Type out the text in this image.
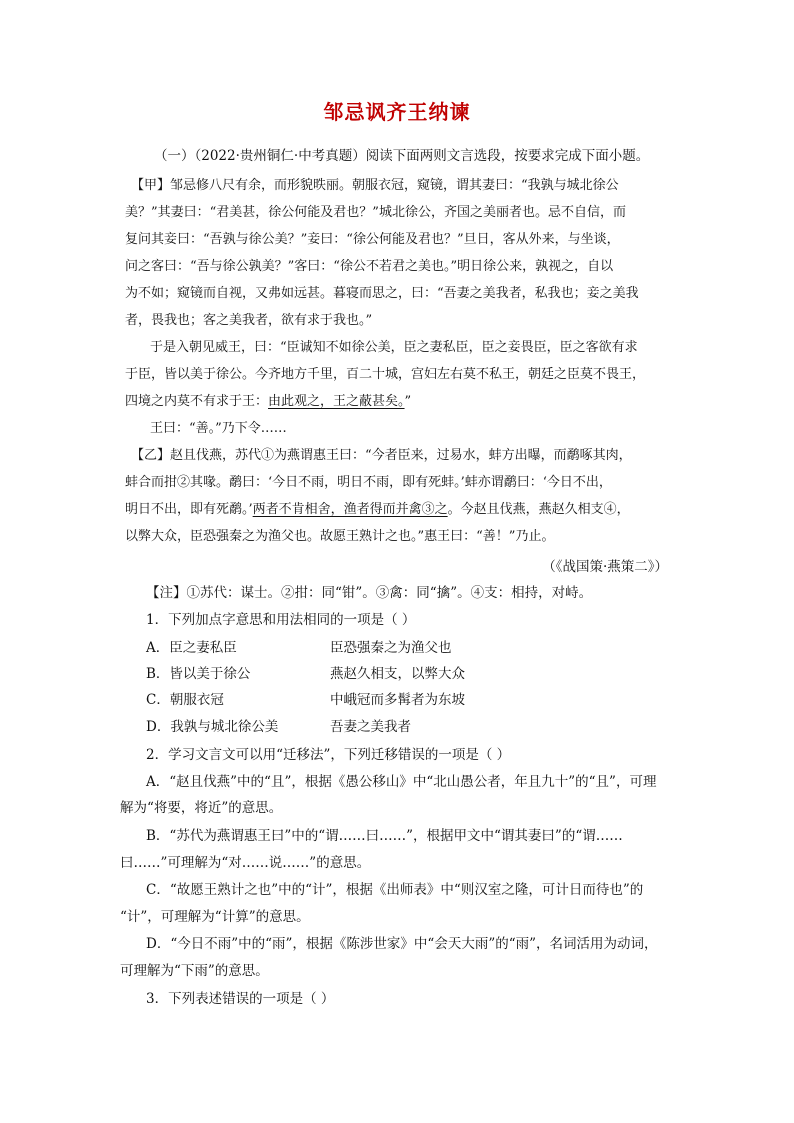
邹忌讽齐王纳谏
（一）（2022·贵州铜仁·中考真题）阅读下面两则文言选段，按要求完成下面小题。
【甲】邹忌修八尺有余，而形貌昳丽。朝服衣冠，窥镜，谓其妻曰：“我孰与城北徐公
美？”其妻曰：“君美甚，徐公何能及君也？”城北徐公，齐国之美丽者也。忌不自信，而
复问其妾曰：“吾孰与徐公美？”妾曰：“徐公何能及君也？”旦日，客从外来，与坐谈，
问之客曰：“吾与徐公孰美？”客曰：“徐公不若君之美也。”明日徐公来，孰视之，自以
为不如；窥镜而自视，又弗如远甚。暮寝而思之，曰：“吾妻之美我者，私我也；妾之美我
者，畏我也；客之美我者，欲有求于我也。”
于是入朝见威王，曰：“臣诚知不如徐公美，臣之妻私臣，臣之妾畏臣，臣之客欲有求
于臣，皆以美于徐公。今齐地方千里，百二十城，宫妇左右莫不私王，朝廷之臣莫不畏王，
四境之内莫不有求于王：由此观之，王之蔽甚矣。”
王曰：“善。”乃下令……
【乙】赵且伐燕，苏代①为燕谓惠王曰：“今者臣来，过易水，蚌方出曝，而鹬啄其肉，
蚌合而拑②其喙。鹬曰：‘今日不雨，明日不雨，即有死蚌。’蚌亦谓鹬曰：‘今日不出，
明日不出，即有死鹬。’两者不肯相舍，渔者得而并禽③之。今赵且伐燕，燕赵久相支④，
以弊大众，臣恐强秦之为渔父也。故愿王熟计之也。”惠王曰：“善！”乃止。
（《战国策·燕策二》）
【注】①苏代：谋士。②拑：同“钳”。③禽：同“擒”。④支：相持，对峙。
1．下列加点字意思和用法相同的一项是（ ）
A．臣之妻私臣	臣恐强秦之为渔父也
B．皆以美于徐公	燕赵久相支，以弊大众
C．朝服衣冠	中峨冠而多髯者为东坡
D．我孰与城北徐公美	吾妻之美我者
2．学习文言文可以用“迁移法”，下列迁移错误的一项是（ ）
A．“赵且伐燕”中的“且”，根据《愚公移山》中“北山愚公者，年且九十”的“且”，可理
解为“将要，将近”的意思。
B．“苏代为燕谓惠王曰”中的“谓……曰……”，根据甲文中“谓其妻曰”的“谓……
曰……”可理解为“对……说……”的意思。
C．“故愿王熟计之也”中的“计”，根据《出师表》中“则汉室之隆，可计日而待也”的
“计”，可理解为“计算”的意思。
D．“今日不雨”中的“雨”，根据《陈涉世家》中“会天大雨”的“雨”，名词活用为动词，
可理解为“下雨”的意思。
3．下列表述错误的一项是（ ）
